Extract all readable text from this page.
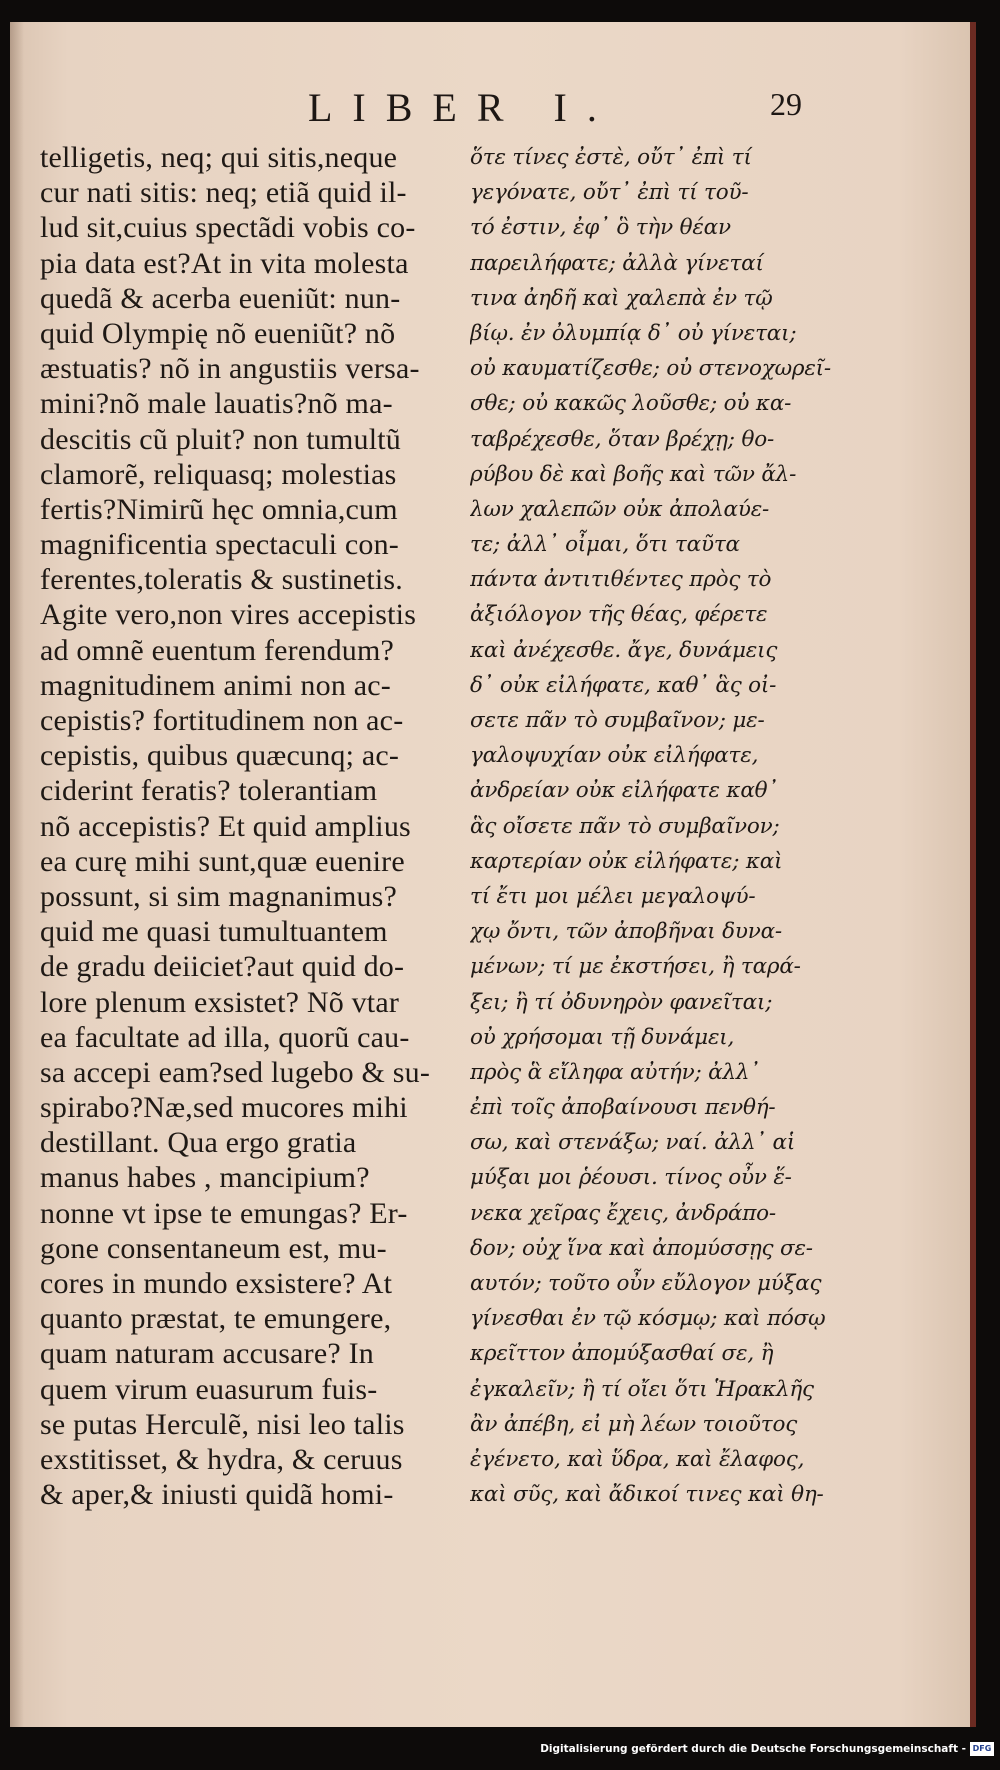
LIBER I.	29
telligetis, neq; qui sitis,neque
cur nati sitis: neq; etiã quid il-
lud sit,cuius spectãdi vobis co-
pia data est?At in vita molesta
quedã & acerba eueniũt: nun-
quid Olympię nõ eueniũt? nõ
æstuatis? nõ in angustiis versa-
mini?nõ male lauatis?nõ ma-
descitis cũ pluit? non tumultũ
clamorẽ, reliquasq; molestias
fertis?Nimirũ hęc omnia,cum
magnificentia spectaculi con-
ferentes,toleratis & sustinetis.
Agite vero,non vires accepistis
ad omnẽ euentum ferendum?
magnitudinem animi non ac-
cepistis? fortitudinem non ac-
cepistis, quibus quæcunq; ac-
ciderint feratis? tolerantiam
nõ accepistis? Et quid amplius
ea curę mihi sunt,quæ euenire
possunt, si sim magnanimus?
quid me quasi tumultuantem
de gradu deiiciet?aut quid do-
lore plenum exsistet? Nõ vtar
ea facultate ad illa, quorũ cau-
sa accepi eam?sed lugebo & su-
spirabo?Næ,sed mucores mihi
destillant. Qua ergo gratia
manus habes , mancipium?
nonne vt ipse te emungas? Er-
gone consentaneum est, mu-
cores in mundo exsistere? At
quanto præstat, te emungere,
quam naturam accusare? In
quem virum euasurum fuis-
se putas Herculẽ, nisi leo talis
exstitisset, & hydra, & ceruus
& aper,& iniusti quidã homi-
ὅτε τίνες ἐστὲ, οὔτ᾽ ἐπὶ τί
γεγόνατε, οὔτ᾽ ἐπὶ τί τοῦ-
τό ἐστιν, ἐφ᾽ ὃ τὴν θέαν
παρειλήφατε; ἀλλὰ γίνεταί
τινα ἀηδῆ καὶ χαλεπὰ ἐν τῷ
βίῳ. ἐν ὀλυμπίᾳ δ᾽ οὐ γίνεται;
οὐ καυματίζεσθε; οὐ στενοχωρεῖ-
σθε; οὐ κακῶς λοῦσθε; οὐ κα-
ταβρέχεσθε, ὅταν βρέχῃ; θο-
ρύβου δὲ καὶ βοῆς καὶ τῶν ἄλ-
λων χαλεπῶν οὐκ ἀπολαύε-
τε; ἀλλ᾽ οἶμαι, ὅτι ταῦτα
πάντα ἀντιτιθέντες πρὸς τὸ
ἀξιόλογον τῆς θέας, φέρετε
καὶ ἀνέχεσθε. ἄγε, δυνάμεις
δ᾽ οὐκ εἰλήφατε, καθ᾽ ἃς οἰ-
σετε πᾶν τὸ συμβαῖνον; με-
γαλοψυχίαν οὐκ εἰλήφατε,
ἀνδρείαν οὐκ εἰλήφατε καθ᾽
ἃς οἴσετε πᾶν τὸ συμβαῖνον;
καρτερίαν οὐκ εἰλήφατε; καὶ
τί ἔτι μοι μέλει μεγαλοψύ-
χῳ ὄντι, τῶν ἀποβῆναι δυνα-
μένων; τί με ἐκστήσει, ἢ ταρά-
ξει; ἢ τί ὀδυνηρὸν φανεῖται;
οὐ χρήσομαι τῇ δυνάμει,
πρὸς ἃ εἴληφα αὐτήν; ἀλλ᾽
ἐπὶ τοῖς ἀποβαίνουσι πενθή-
σω, καὶ στενάξω; ναί. ἀλλ᾽ αἱ
μύξαι μοι ῥέουσι. τίνος οὖν ἕ-
νεκα χεῖρας ἔχεις, ἀνδράπο-
δον; οὐχ ἵνα καὶ ἀπομύσσῃς σε-
αυτόν; τοῦτο οὖν εὔλογον μύξας
γίνεσθαι ἐν τῷ κόσμῳ; καὶ πόσῳ
κρεῖττον ἀπομύξασθαί σε, ἢ
ἐγκαλεῖν; ἢ τί οἴει ὅτι Ἡρακλῆς
ἂν ἀπέβη, εἰ μὴ λέων τοιοῦτος
ἐγένετο, καὶ ὕδρα, καὶ ἔλαφος,
καὶ σῦς, καὶ ἄδικοί τινες καὶ θη-
Digitalisierung gefördert durch die Deutsche Forschungsgemeinschaft - DFG
